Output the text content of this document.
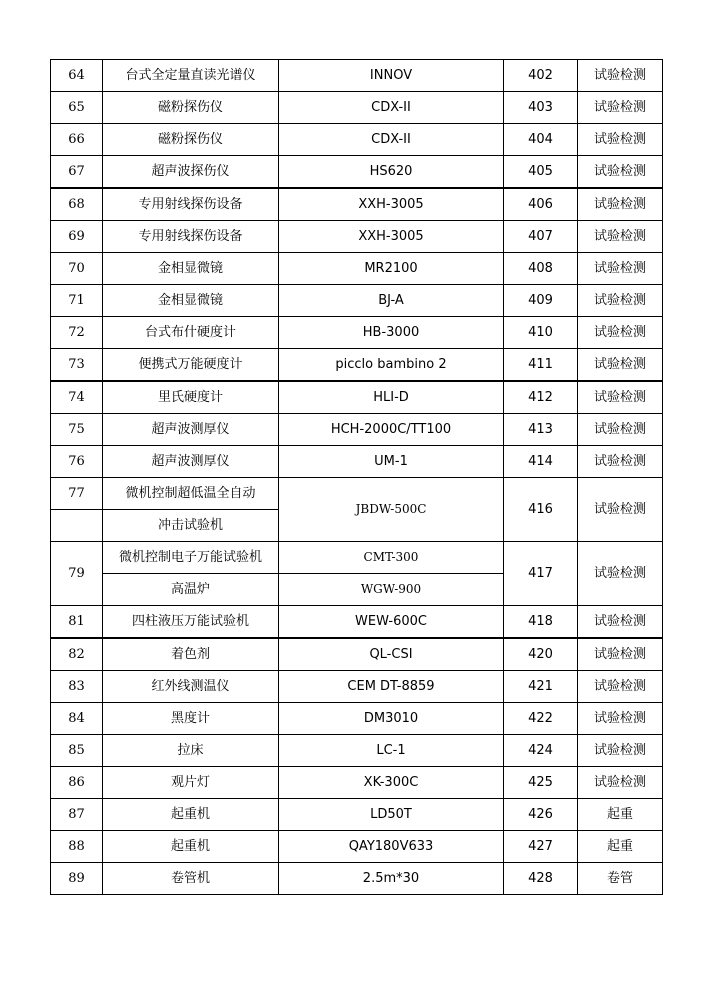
64	台式全定量直读光谱仪	INNOV	402	试验检测
65	磁粉探伤仪	CDX-II	403	试验检测
66	磁粉探伤仪	CDX-II	404	试验检测
67	超声波探伤仪	HS620	405	试验检测
68	专用射线探伤设备	XXH-3005	406	试验检测
69	专用射线探伤设备	XXH-3005	407	试验检测
70	金相显微镜	MR2100	408	试验检测
71	金相显微镜	BJ-A	409	试验检测
72	台式布什硬度计	HB-3000	410	试验检测
73	便携式万能硬度计	picclo bambino 2	411	试验检测
74	里氏硬度计	HLI-D	412	试验检测
75	超声波测厚仪	HCH-2000C/TT100	413	试验检测
76	超声波测厚仪	UM-1	414	试验检测
77	微机控制超低温全自动	JBDW-500C	416	试验检测
	冲击试验机			
79	微机控制电子万能试验机	CMT-300	417	试验检测
	高温炉	WGW-900		
81	四柱液压万能试验机	WEW-600C	418	试验检测
82	着色剂	QL-CSI	420	试验检测
83	红外线测温仪	CEM DT-8859	421	试验检测
84	黑度计	DM3010	422	试验检测
85	拉床	LC-1	424	试验检测
86	观片灯	XK-300C	425	试验检测
87	起重机	LD50T	426	起重
88	起重机	QAY180V633	427	起重
89	卷管机	2.5m*30	428	卷管
